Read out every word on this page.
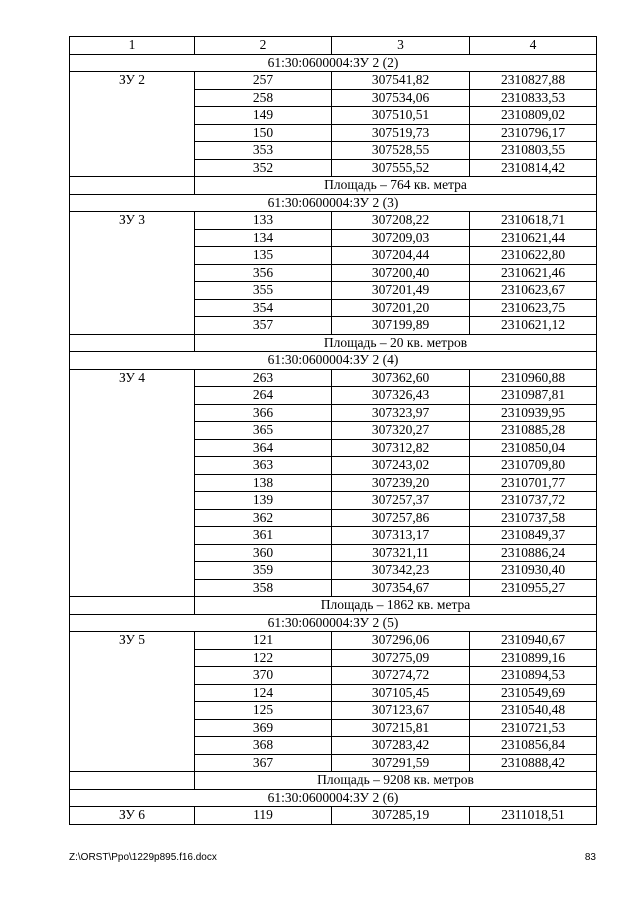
1	2	3	4
61:30:0600004:ЗУ 2 (2)			
ЗУ 2	257	307541,82	2310827,88
	258	307534,06	2310833,53
	149	307510,51	2310809,02
	150	307519,73	2310796,17
	353	307528,55	2310803,55
	352	307555,52	2310814,42
	Площадь – 764 кв. метра		
61:30:0600004:ЗУ 2 (3)			
ЗУ 3	133	307208,22	2310618,71
	134	307209,03	2310621,44
	135	307204,44	2310622,80
	356	307200,40	2310621,46
	355	307201,49	2310623,67
	354	307201,20	2310623,75
	357	307199,89	2310621,12
	Площадь – 20 кв. метров		
61:30:0600004:ЗУ 2 (4)			
ЗУ 4	263	307362,60	2310960,88
	264	307326,43	2310987,81
	366	307323,97	2310939,95
	365	307320,27	2310885,28
	364	307312,82	2310850,04
	363	307243,02	2310709,80
	138	307239,20	2310701,77
	139	307257,37	2310737,72
	362	307257,86	2310737,58
	361	307313,17	2310849,37
	360	307321,11	2310886,24
	359	307342,23	2310930,40
	358	307354,67	2310955,27
	Площадь – 1862 кв. метра		
61:30:0600004:ЗУ 2 (5)			
ЗУ 5	121	307296,06	2310940,67
	122	307275,09	2310899,16
	370	307274,72	2310894,53
	124	307105,45	2310549,69
	125	307123,67	2310540,48
	369	307215,81	2310721,53
	368	307283,42	2310856,84
	367	307291,59	2310888,42
	Площадь – 9208 кв. метров		
61:30:0600004:ЗУ 2 (6)			
ЗУ 6	119	307285,19	2311018,51
Z:\ORST\Ppo\1229p895.f16.docx	83
